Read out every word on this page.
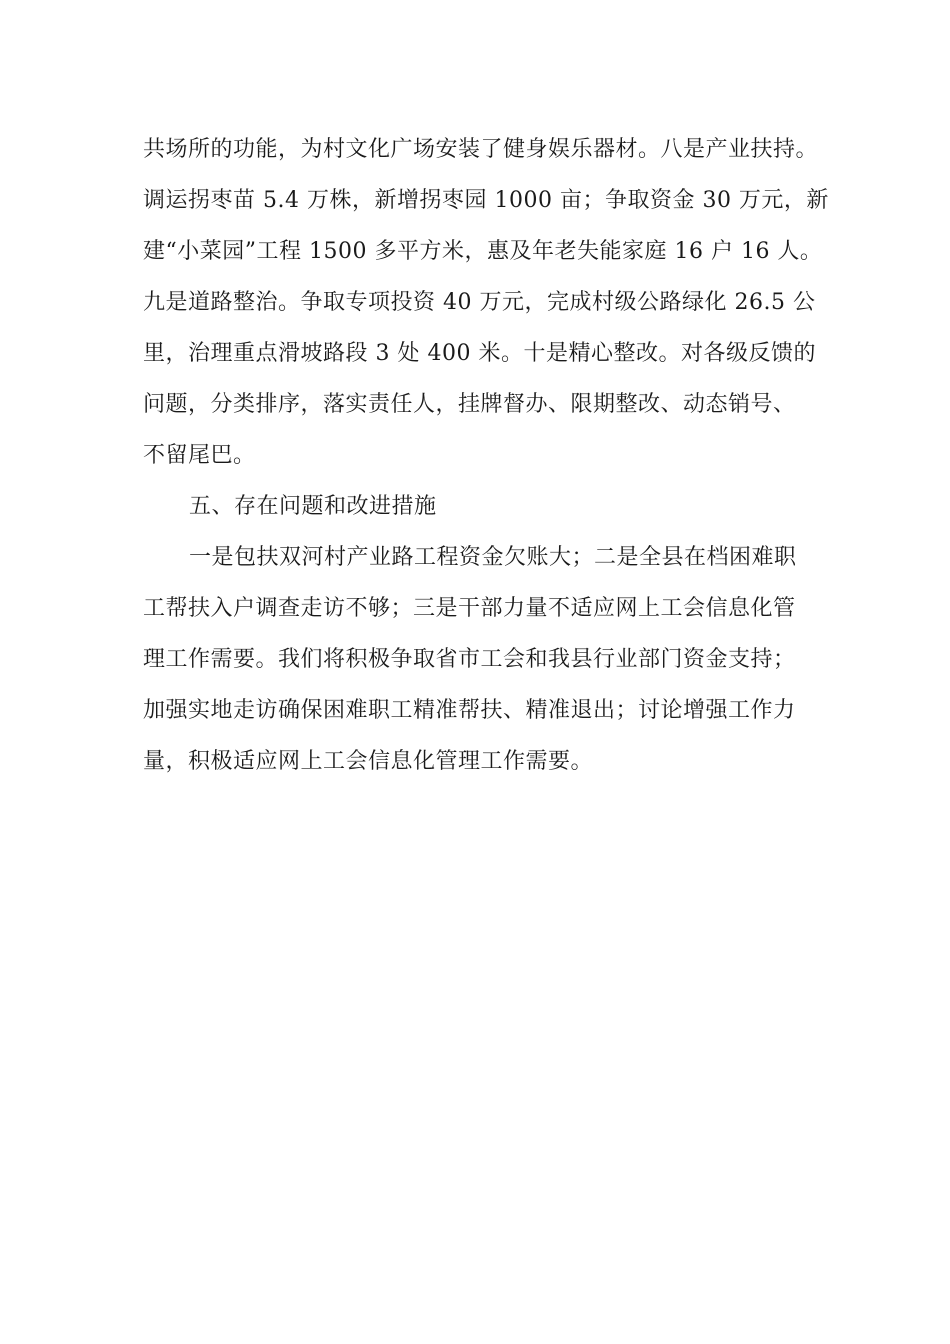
共场所的功能，为村文化广场安装了健身娱乐器材。八是产业扶持。
调运拐枣苗 5.4 万株，新增拐枣园 1000 亩；争取资金 30 万元，新
建“小菜园”工程 1500 多平方米，惠及年老失能家庭 16 户 16 人。
九是道路整治。争取专项投资 40 万元，完成村级公路绿化 26.5 公
里，治理重点滑坡路段 3 处 400 米。十是精心整改。对各级反馈的
问题，分类排序，落实责任人，挂牌督办、限期整改、动态销号、
不留尾巴。
五、存在问题和改进措施
一是包扶双河村产业路工程资金欠账大；二是全县在档困难职
工帮扶入户调查走访不够；三是干部力量不适应网上工会信息化管
理工作需要。我们将积极争取省市工会和我县行业部门资金支持；
加强实地走访确保困难职工精准帮扶、精准退出；讨论增强工作力
量，积极适应网上工会信息化管理工作需要。
